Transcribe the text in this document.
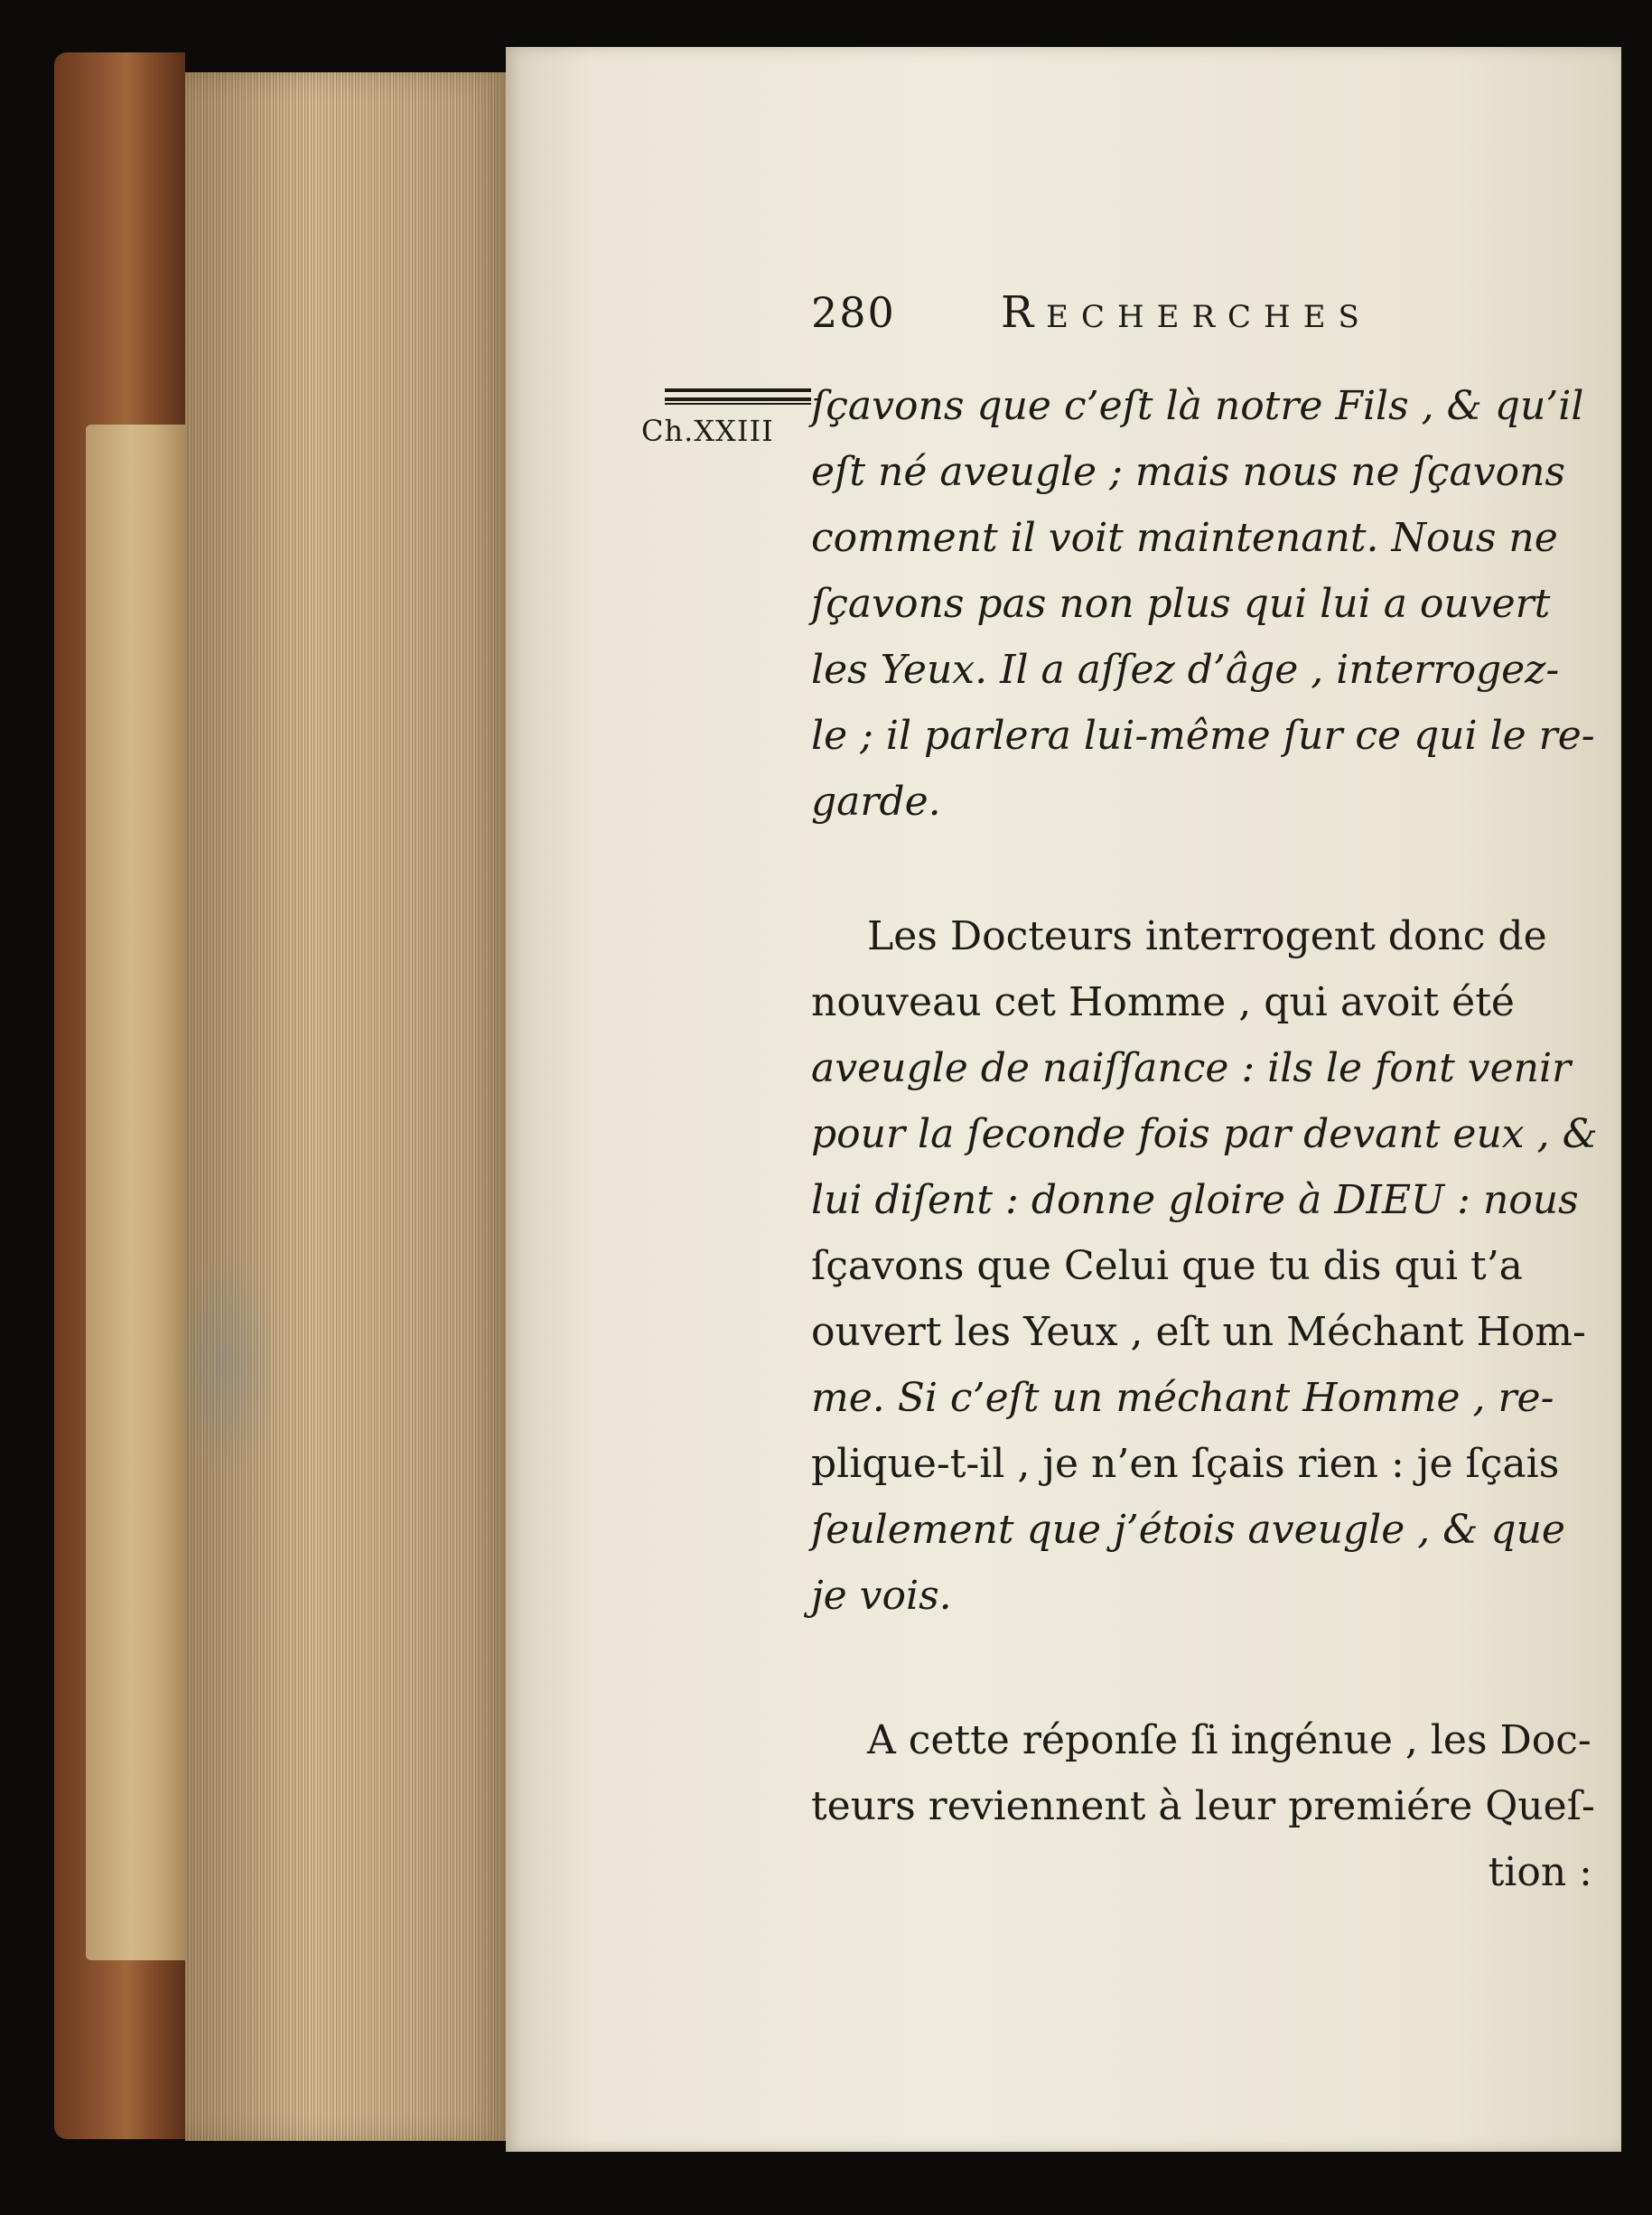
280	Recherches
Ch.XXIII
ſçavons que c’eſt là notre Fils , & qu’il
eſt né aveugle ; mais nous ne ſçavons
comment il voit maintenant. Nous ne
ſçavons pas non plus qui lui a ouvert
les Yeux. Il a aſſez d’âge , interrogez-
le ; il parlera lui-même ſur ce qui le re-
garde.
Les Docteurs interrogent donc de
nouveau cet Homme , qui avoit été
aveugle de naiſſance : ils le font venir
pour la ſeconde fois par devant eux , &
lui diſent : donne gloire à DIEU : nous
ſçavons que Celui que tu dis qui t’a
ouvert les Yeux , eſt un Méchant Hom-
me. Si c’eſt un méchant Homme , re-
plique-t-il , je n’en ſçais rien : je ſçais
ſeulement que j’étois aveugle , & que
je vois.
A cette réponſe ſi ingénue , les Doc-
teurs reviennent à leur premiére Queſ-
tion :
